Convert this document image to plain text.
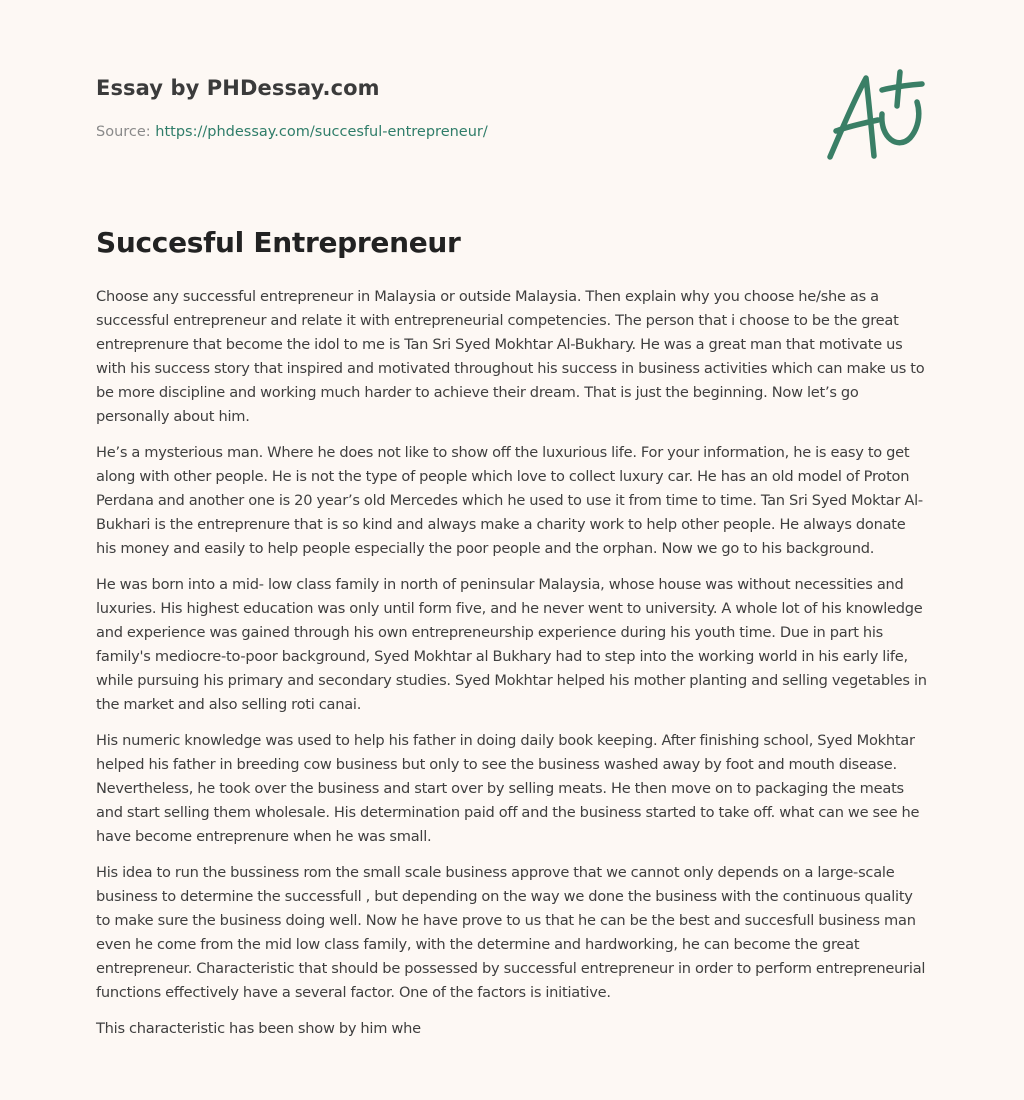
Essay by PHDessay.com
Source: https://phdessay.com/succesful-entrepreneur/
Succesful Entrepreneur

Choose any successful entrepreneur in Malaysia or outside Malaysia. Then explain why you choose he/she as a successful entrepreneur and relate it with entrepreneurial competencies. The person that i choose to be the great entreprenure that become the idol to me is Tan Sri Syed Mokhtar Al-Bukhary. He was a great man that motivate us with his success story that inspired and motivated throughout his success in business activities which can make us to be more discipline and working much harder to achieve their dream. That is just the beginning. Now let’s go personally about him.

He’s a mysterious man. Where he does not like to show off the luxurious life. For your information, he is easy to get along with other people. He is not the type of people which love to collect luxury car. He has an old model of Proton Perdana and another one is 20 year’s old Mercedes which he used to use it from time to time. Tan Sri Syed Moktar Al-Bukhari is the entreprenure that is so kind and always make a charity work to help other people. He always donate his money and easily to help people especially the poor people and the orphan. Now we go to his background.

He was born into a mid- low class family in north of peninsular Malaysia, whose house was without necessities and luxuries. His highest education was only until form five, and he never went to university. A whole lot of his knowledge and experience was gained through his own entrepreneurship experience during his youth time. Due in part his family's mediocre-to-poor background, Syed Mokhtar al Bukhary had to step into the working world in his early life, while pursuing his primary and secondary studies. Syed Mokhtar helped his mother planting and selling vegetables in the market and also selling roti canai.

His numeric knowledge was used to help his father in doing daily book keeping. After finishing school, Syed Mokhtar helped his father in breeding cow business but only to see the business washed away by foot and mouth disease. Nevertheless, he took over the business and start over by selling meats. He then move on to packaging the meats and start selling them wholesale. His determination paid off and the business started to take off. what can we see he have become entreprenure when he was small.

His idea to run the bussiness rom the small scale business approve that we cannot only depends on a large-scale business to determine the successfull , but depending on the way we done the business with the continuous quality to make sure the business doing well. Now he have prove to us that he can be the best and succesfull business man even he come from the mid low class family, with the determine and hardworking, he can become the great entrepreneur. Characteristic that should be possessed by successful entrepreneur in order to perform entrepreneurial functions effectively have a several factor. One of the factors is initiative.

This characteristic has been show by him whe
